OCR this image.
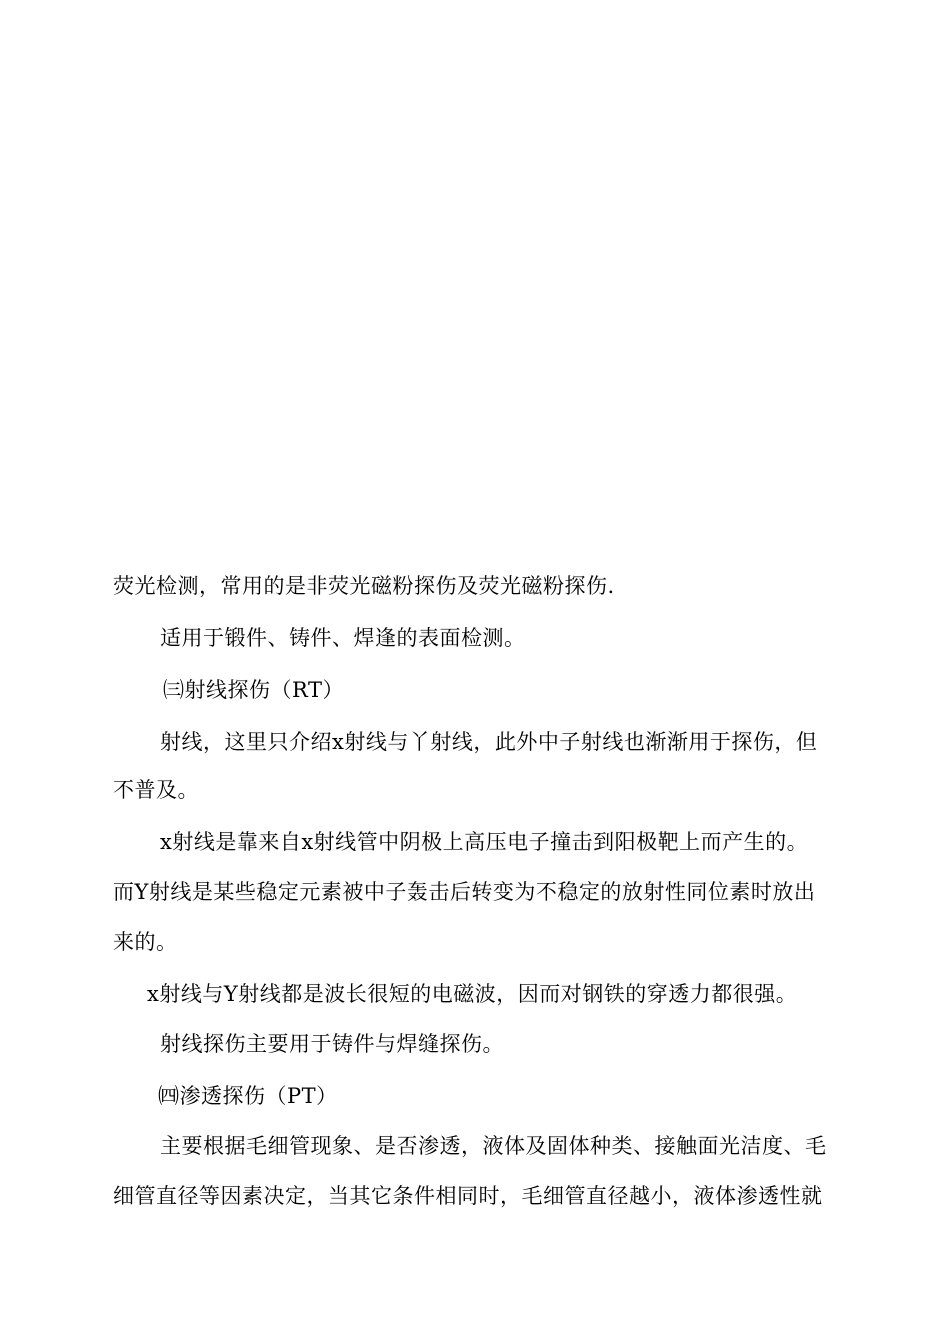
荧光检测，常用的是非荧光磁粉探伤及荧光磁粉探伤.
适用于锻件、铸件、焊逢的表面检测。
㈢射线探伤（RT）
射线，这里只介绍x射线与丫射线，此外中子射线也渐渐用于探伤，但
不普及。
x射线是靠来自x射线管中阴极上高压电子撞击到阳极靶上而产生的。
而Y射线是某些稳定元素被中子轰击后转变为不稳定的放射性同位素时放出
来的。
x射线与Y射线都是波长很短的电磁波，因而对钢铁的穿透力都很强。
射线探伤主要用于铸件与焊缝探伤。
㈣渗透探伤（PT）
主要根据毛细管现象、是否渗透，液体及固体种类、接触面光洁度、毛
细管直径等因素决定，当其它条件相同时，毛细管直径越小，液体渗透性就
